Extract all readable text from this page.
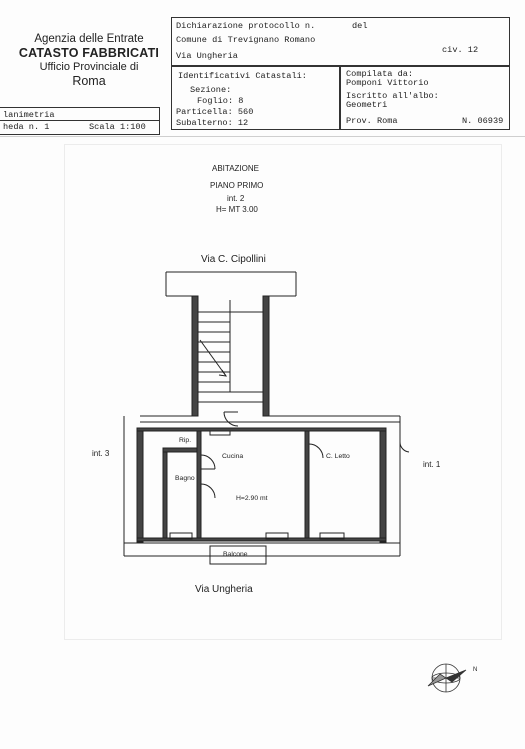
Agenzia delle Entrate
CATASTO FABBRICATI
Ufficio Provinciale di
Roma
lanimetria
heda n. 1	Scala 1:100
Dichiarazione protocollo n.	del
Comune di Trevignano Romano
Via Ungheria
civ. 12
Identificativi Catastali:
Sezione:
Foglio: 8
Particella: 560
Subalterno: 12
Compilata da:
Pomponi Vittorio
Iscritto all'albo:
Geometri
Prov. Roma	N. 06939
ABITAZIONE
PIANO PRIMO
int. 2
H= MT 3.00
Via C. Cipollini
Via Ungheria
int. 3
int. 1
Rip.
Cucina	C. Letto
Bagno
H=2.90 mt
Balcone
N
